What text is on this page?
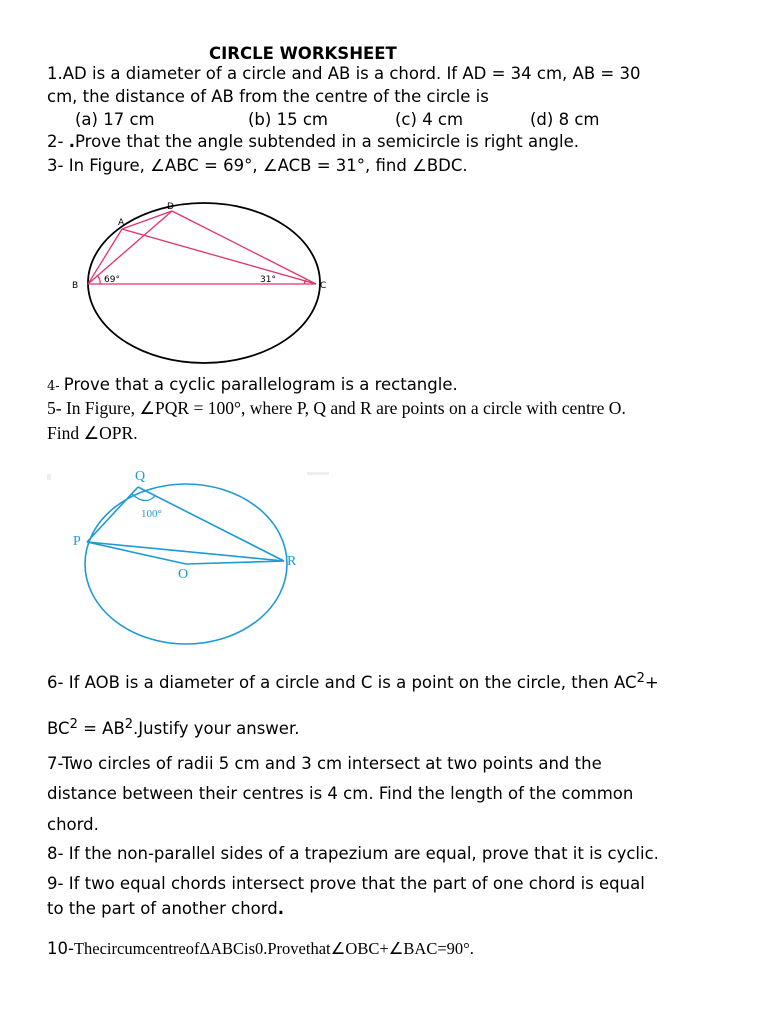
CIRCLE WORKSHEET
1.AD is a diameter of a circle and AB is a chord. If AD = 34 cm, AB = 30
cm, the distance of AB from the centre of the circle is
(a) 17 cm	(b) 15 cm	(c) 4 cm	(d) 8 cm
2- .Prove that the angle subtended in a semicircle is right angle.
3- In Figure, ∠ABC = 69°, ∠ACB = 31°, find ∠BDC.
A
D
B	C
69°	31°
4- Prove that a cyclic parallelogram is a rectangle.
5- In Figure, ∠PQR = 100°, where P, Q and R are points on a circle with centre O.
Find ∠OPR.
Q
P
R
O
100°
6- If AOB is a diameter of a circle and C is a point on the circle, then $AC^2+$
$BC^2$ = $AB^2.Justify$ your answer.
7-Two circles of radii 5 cm and 3 cm intersect at two points and the
distance between their centres is 4 cm. Find the length of the common
chord.
8- If the non-parallel sides of a trapezium are equal, prove that it is cyclic.
9- If two equal chords intersect prove that the part of one chord is equal
to the part of another chord.
10-ThecircumcentreofΔABCis0.Provethat∠OBC+∠BAC=90°.
